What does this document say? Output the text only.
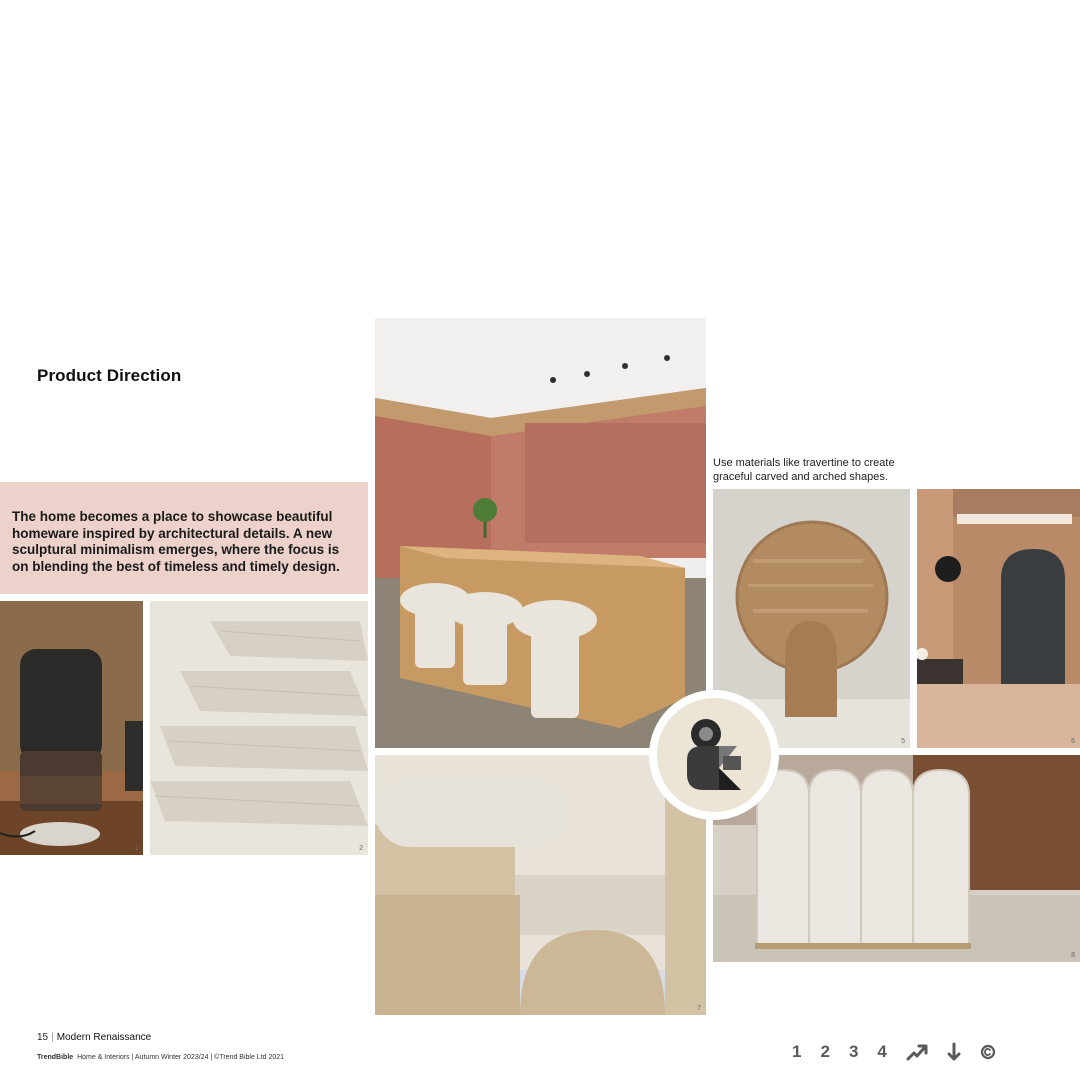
Product Direction

The home becomes a place to showcase beautiful homeware inspired by architectural details. A new sculptural minimalism emerges, where the focus is on blending the best of timeless and timely design.

1	2
Use materials like travertine to create graceful carved and arched shapes.
5	6
7
8
15 | Modern Renaissance
TrendBible Home & Interiors | Autumn Winter 2023/24 | ©Trend Bible Ltd 2021	1 2 3 4
